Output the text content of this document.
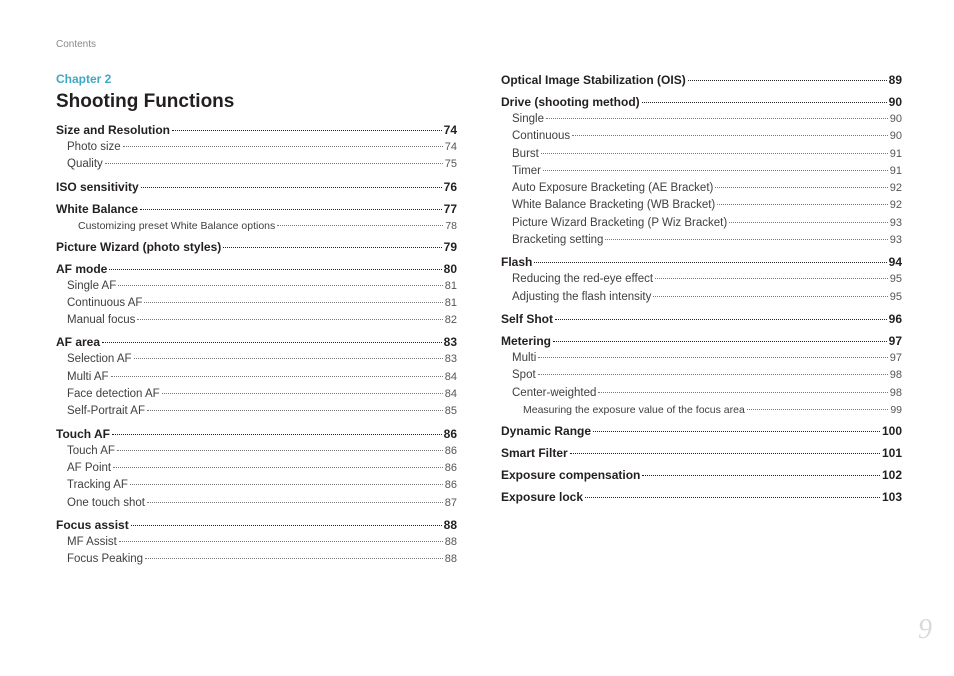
Contents
Chapter 2
Shooting Functions
Size and Resolution	74
Photo size	74
Quality	75
ISO sensitivity	76
White Balance	77
Customizing preset White Balance options	78
Picture Wizard (photo styles)	79
AF mode	80
Single AF	81
Continuous AF	81
Manual focus	82
AF area	83
Selection AF	83
Multi AF	84
Face detection AF	84
Self-Portrait AF	85
Touch AF	86
Touch AF	86
AF Point	86
Tracking AF	86
One touch shot	87
Focus assist	88
MF Assist	88
Focus Peaking	88
Optical Image Stabilization (OIS)	89
Drive (shooting method)	90
Single	90
Continuous	90
Burst	91
Timer	91
Auto Exposure Bracketing (AE Bracket)	92
White Balance Bracketing (WB Bracket)	92
Picture Wizard Bracketing (P Wiz Bracket)	93
Bracketing setting	93
Flash	94
Reducing the red-eye effect	95
Adjusting the flash intensity	95
Self Shot	96
Metering	97
Multi	97
Spot	98
Center-weighted	98
Measuring the exposure value of the focus area	99
Dynamic Range	100
Smart Filter	101
Exposure compensation	102
Exposure lock	103
9
